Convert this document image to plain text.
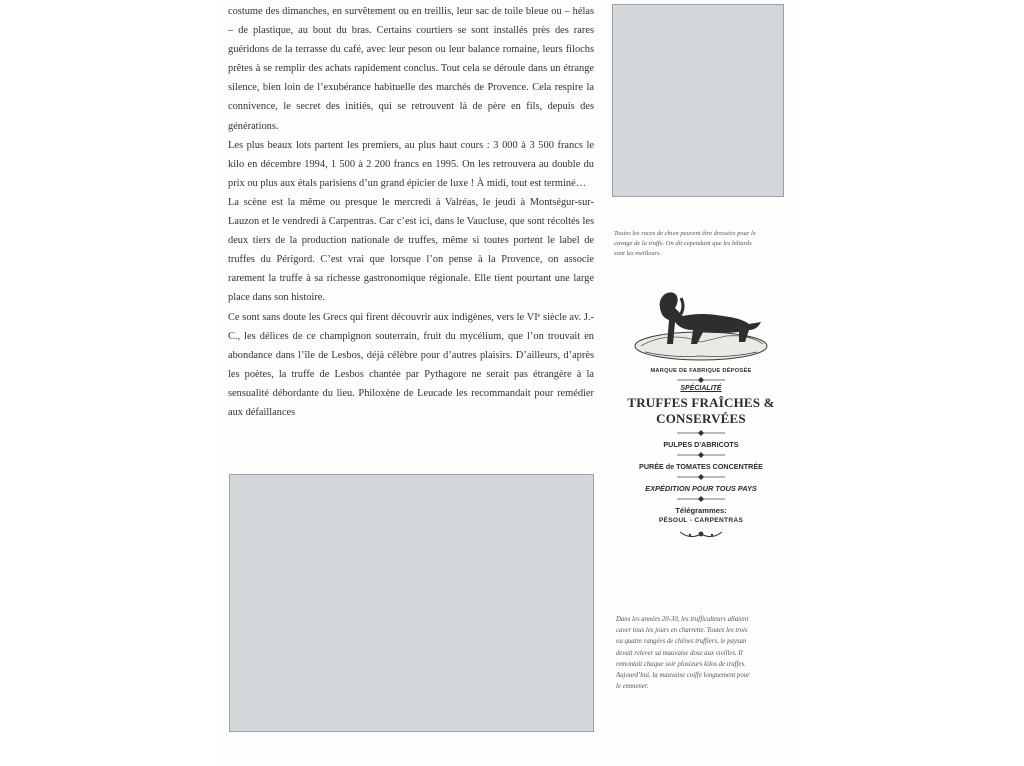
costume des dimanches, en survêtement ou en treillis, leur sac de toile bleue ou – hélas – de plastique, au bout du bras. Certains courtiers se sont installés près des rares guéridons de la terrasse du café, avec leur peson ou leur balance romaine, leurs filochs prêtes à se remplir des achats rapidement conclus. Tout cela se déroule dans un étrange silence, bien loin de l’exubérance habituelle des marchés de Provence. Cela respire la connivence, le secret des initiés, qui se retrouvent là de père en fils, depuis des générations.

Les plus beaux lots partent les premiers, au plus haut cours : 3 000 à 3 500 francs le kilo en décembre 1994, 1 500 à 2 200 francs en 1995. On les retrouvera au double du prix ou plus aux étals parisiens d’un grand épicier de luxe ! À midi, tout est terminé…

La scène est la même ou presque le mercredi à Valréas, le jeudi à Montségur-sur-Lauzon et le vendredi à Carpentras. Car c’est ici, dans le Vaucluse, que sont récoltés les deux tiers de la production nationale de truffes, même si toutes portent le label de truffes du Périgord. C’est vrai que lorsque l’on pense à la Provence, on associe rarement la truffe à sa richesse gastronomique régionale. Elle tient pourtant une large place dans son histoire.

Ce sont sans doute les Grecs qui firent découvrir aux indigènes, vers le VIᵉ siècle av. J.-C., les délices de ce champignon souterrain, fruit du mycélium, que l’on trouvait en abondance dans l’île de Lesbos, déjà célèbre pour d’autres plaisirs. D’ailleurs, d’après les poètes, la truffe de Lesbos chantée par Pythagore ne serait pas étrangère à la sensualité débordante du lieu. Philoxène de Leucade les recommandait pour remédier aux défaillances

Toutes les races de chien peuvent être dressées pour le cavage de la truffe. On dit cependant que les bâtards sont les meilleurs.
MARQUE DE FABRIQUE DÉPOSÉE
SPÉCIALITÉ
TRUFFES FRAÎCHES & CONSERVÉES
PULPES D'ABRICOTS
PURÉE de TOMATES CONCENTRÉE
EXPÉDITION POUR TOUS PAYS
Télégrammes:
PÉSOUL - CARPENTRAS
Dans les années 20-30, les trufficulteurs allaient caver tous les jours en charrette. Toutes les trois ou quatre rangées de chênes truffiers, le paysan devait relever sa mauvaise dose aux vieilles. Il remontait chaque soir plusieurs kilos de truffes. Aujourd’hui, la mauvaise coiffe longuement pour le emmener.
